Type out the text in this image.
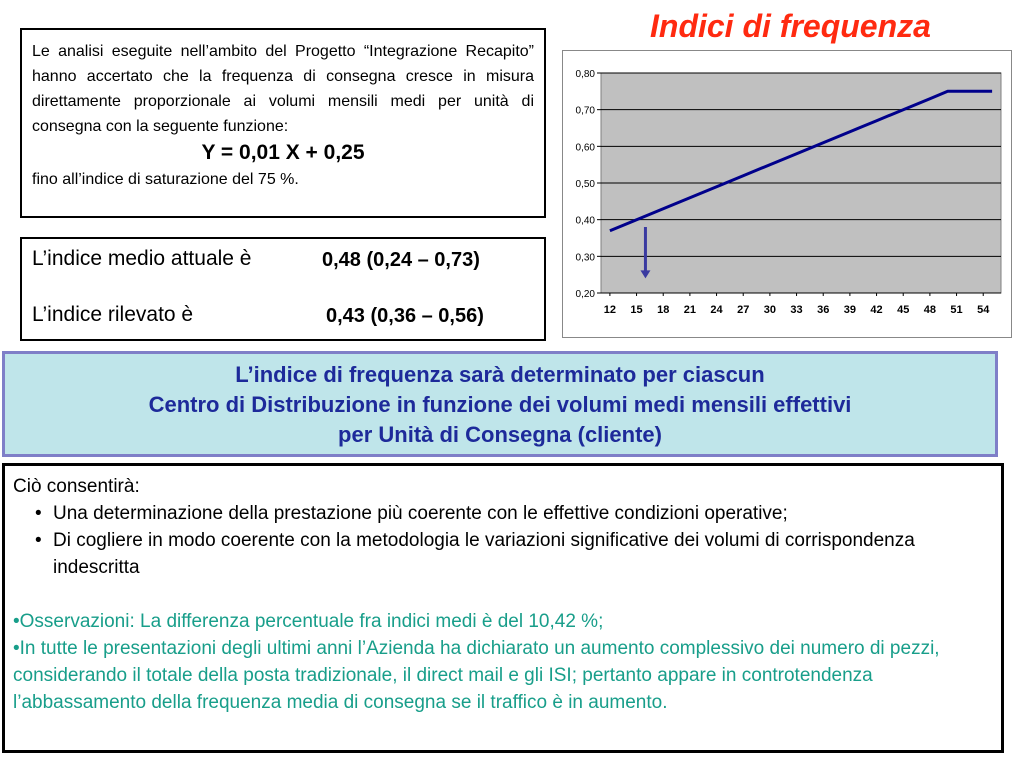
Indici di frequenza

Le analisi eseguite nell’ambito del Progetto “Integrazione Recapito” hanno accertato che la frequenza di consegna cresce in misura direttamente proporzionale ai volumi mensili medi per unità di consegna con la seguente funzione:

Y = 0,01 X + 0,25

fino all’indice di saturazione del 75 %.

L’indice medio attuale è	0,48 (0,24 – 0,73)
L’indice rilevato è	0,43 (0,36 – 0,56)
0,20
0,30
0,40
0,50
0,60
0,70
0,80
12 15 18 21 24 27 30 33 36 39 42 45 48 51 54
L’indice di frequenza sarà determinato per ciascun
Centro di Distribuzione in funzione dei volumi medi mensili effettivi
per Unità di Consegna (cliente)

Ciò consentirà:

• Una determinazione della prestazione più coerente con le effettive condizioni operative;
• Di cogliere in modo coerente con la metodologia le variazioni significative dei volumi di corrispondenza indescritta

•Osservazioni: La differenza percentuale fra indici medi è del 10,42 %;

•In tutte le presentazioni degli ultimi anni l’Azienda ha dichiarato un aumento complessivo dei numero di pezzi, considerando il totale della posta tradizionale, il direct mail e gli ISI; pertanto appare in controtendenza l’abbassamento della frequenza media di consegna se il traffico è in aumento.
